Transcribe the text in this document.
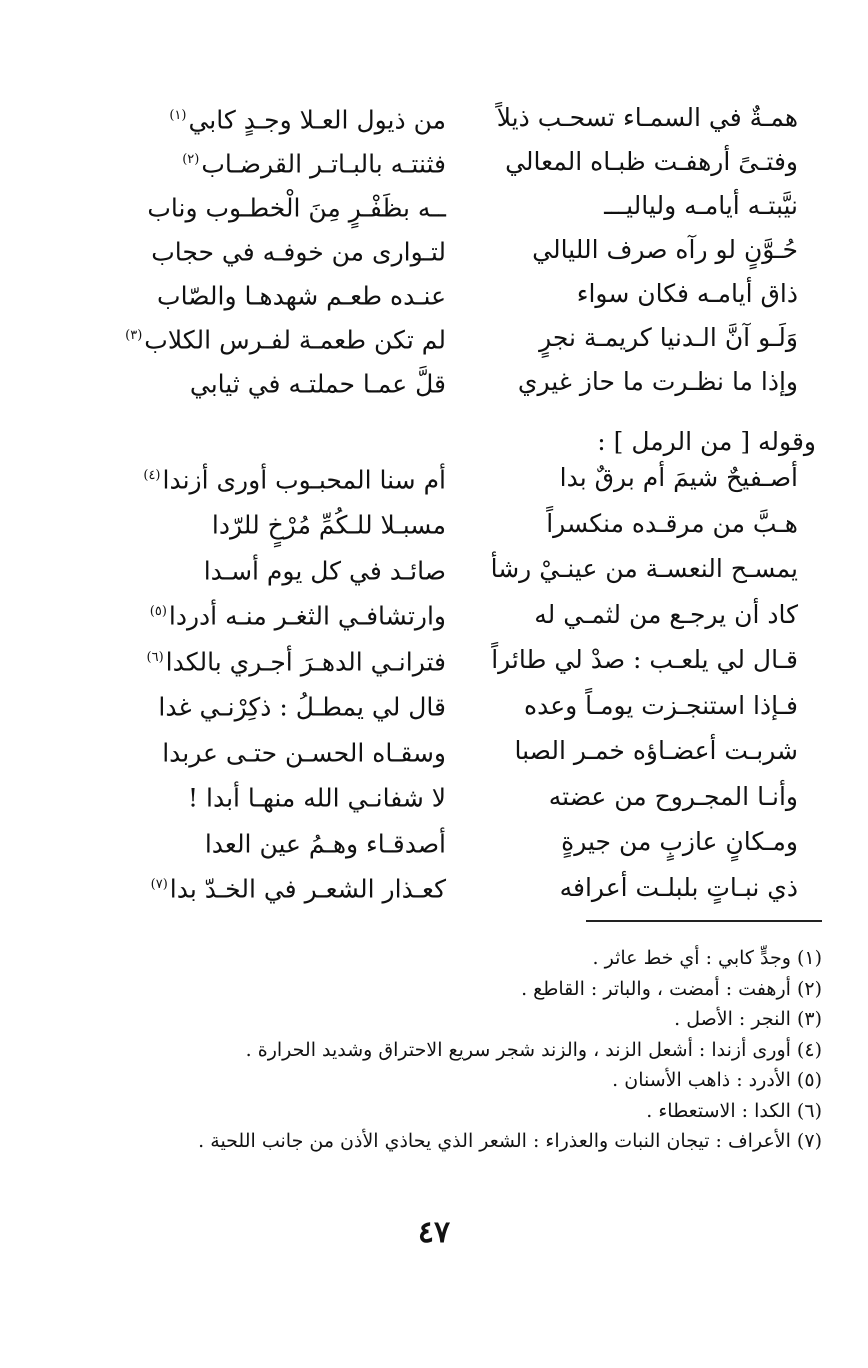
همـةٌ في السمـاء تسحـب ذيلاً
من ذيول العـلا وجـدٍ كابي$^{(١)}$
وفتـىً أرهفـت ظبـاه المعالي
فثنتـه بالبـاتـر القرضـاب$^{(٢)}$
نيَّبتـه أيامـه ولياليـــ
ــه بظَفْـرٍ مِنَ الْخطـوب وناب
حُـوَّنٍ لو رآه صرف الليالي
لتـوارى من خوفـه في حجاب
ذاق أيامـه فكان سواء
عنـده طعـم شهدهـا والصّاب
وَلَـو آنَّ الـدنيا كريمـة نجرٍ
لم تكن طعمـة لفـرس الكلاب$^{(٣)}$
وإذا ما نظـرت ما حاز غيري
قلَّ عمـا حملتـه في ثيابي
وقوله [ من الرمل ] :
أصـفيحٌ شيمَ أم برقٌ بدا
أم سنا المحبـوب أورى أزندا$^{(٤)}$
هـبَّ من مرقـده منكسراً
مسبـلا للـكُمِّ مُرْخٍ للرّدا
يمسـح النعسـة من عينـيْ رشأ
صائـد في كل يوم أسـدا
كاد أن يرجـع من لثمـي له
وارتشافـي الثغـر منـه أدردا$^{(٥)}$
قـال لي يلعـب : صدْ لي طائراً
فترانـي الدهـرَ أجـري بالكدا$^{(٦)}$
فـإذا استنجـزت يومـاً وعده
قال لي يمطـلُ : ذكِرْنـي غدا
شربـت أعضـاؤه خمـر الصبا
وسقـاه الحسـن حتـى عربدا
وأنـا المجـروح من عضته
لا شفانـي الله منهـا أبدا !
ومـكانٍ عازبٍ من جيرةٍ
أصدقـاء وهـمُ عين العدا
ذي نبـاتٍ بلبلـت أعرافه
كعـذار الشعـر في الخـدّ بدا$^{(٧)}$
(١) وجدٍّ كابي : أي خط عاثر .
(٢) أرهفت : أمضت ، والباتر : القاطع .
(٣) النجر : الأصل .
(٤) أورى أزندا : أشعل الزند ، والزند شجر سريع الاحتراق وشديد الحرارة .
(٥) الأدرد : ذاهب الأسنان .
(٦) الكدا : الاستعطاء .
(٧) الأعراف : تيجان النبات والعذراء : الشعر الذي يحاذي الأذن من جانب اللحية .
٤٧
